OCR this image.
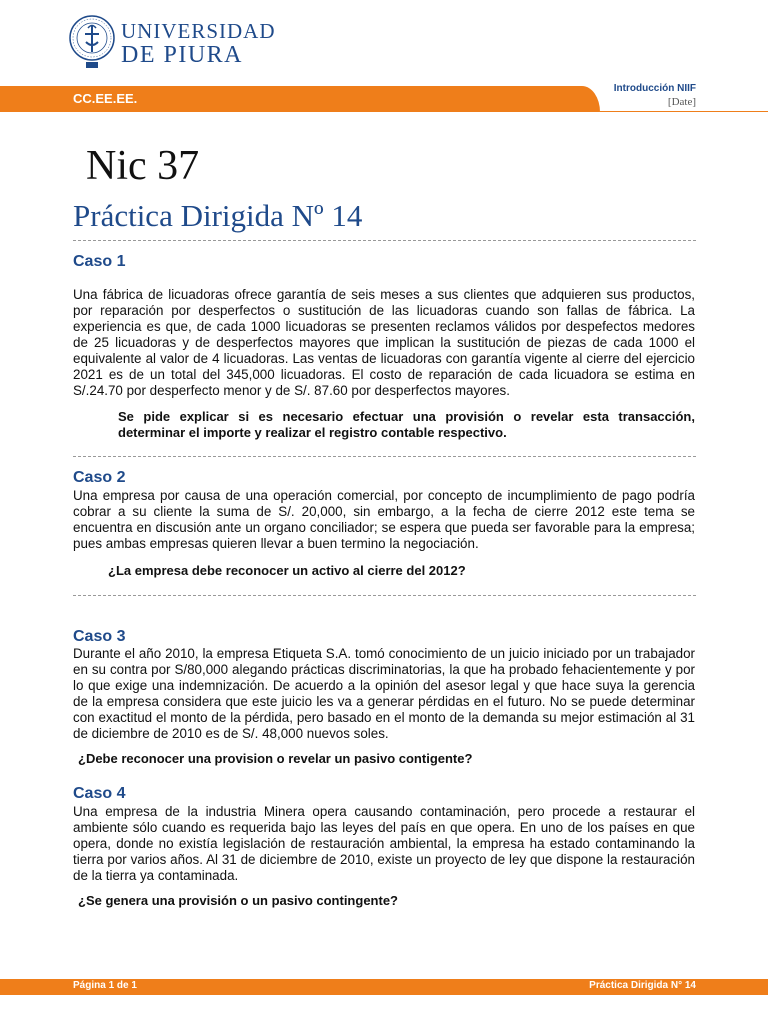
UNIVERSIDAD
DE PIURA
CC.EE.EE.
Introducción NIIF
[Date]
Nic 37
Práctica Dirigida Nº 14
Caso 1
Una fábrica de licuadoras ofrece garantía de seis meses a sus clientes que adquieren sus productos, por reparación por desperfectos o sustitución de las licuadoras cuando son fallas de fábrica. La experiencia es que, de cada 1000 licuadoras se presenten reclamos válidos por despefectos medores de 25 licuadoras y de desperfectos mayores que implican la sustitución de piezas de cada 1000 el equivalente al valor de 4 licuadoras. Las ventas de licuadoras con garantía vigente al cierre del ejercicio 2021 es de un total del 345,000 licuadoras. El costo de reparación de cada licuadora se estima en S/.24.70 por desperfecto menor y de S/. 87.60 por desperfectos mayores.
Se pide explicar si es necesario efectuar una provisión o revelar esta transacción, determinar el importe y realizar el registro contable respectivo.
Caso 2
Una empresa por causa de una operación comercial, por concepto de incumplimiento de pago podría cobrar a su cliente la suma de S/. 20,000, sin embargo, a la fecha de cierre 2012 este tema se encuentra en discusión ante un organo conciliador; se espera que pueda ser favorable para la empresa; pues ambas empresas quieren llevar a buen termino la negociación.
¿La empresa debe reconocer un activo al cierre del 2012?
Caso 3
Durante el año 2010, la empresa Etiqueta S.A. tomó conocimiento de un juicio iniciado por un trabajador en su contra por S/80,000 alegando prácticas discriminatorias, la que ha probado fehacientemente y por lo que exige una indemnización. De acuerdo a la opinión del asesor legal y que hace suya la gerencia de la empresa considera que este juicio les va a generar pérdidas en el futuro. No se puede determinar con exactitud el monto de la pérdida, pero basado en el monto de la demanda su mejor estimación al 31 de diciembre de 2010 es de S/. 48,000 nuevos soles.
¿Debe reconocer una provision o revelar un pasivo contigente?
Caso 4
Una empresa de la industria Minera opera causando contaminación, pero procede a restaurar el ambiente sólo cuando es requerida bajo las leyes del país en que opera. En uno de los países en que opera, donde no existía legislación de restauración ambiental, la empresa ha estado contaminando la tierra por varios años. Al 31 de diciembre de 2010, existe un proyecto de ley que dispone la restauración de la tierra ya contaminada.
¿Se genera una provisión o un pasivo contingente?
Página 1 de 1	Práctica Dirigida N° 14
